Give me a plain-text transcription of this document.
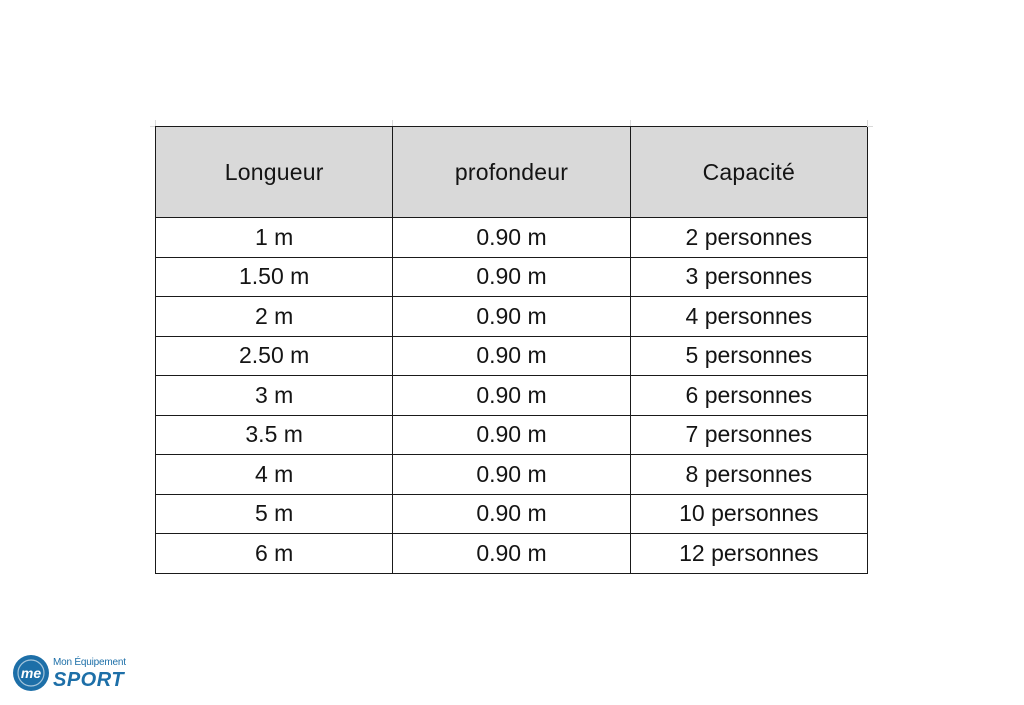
Longueur	profondeur	Capacité
1 m	0.90 m	2 personnes
1.50 m	0.90 m	3 personnes
2 m	0.90 m	4 personnes
2.50 m	0.90 m	5 personnes
3 m	0.90 m	6 personnes
3.5 m	0.90 m	7 personnes
4 m	0.90 m	8 personnes
5 m	0.90 m	10 personnes
6 m	0.90 m	12 personnes
me
Mon Équipement
SPORT
